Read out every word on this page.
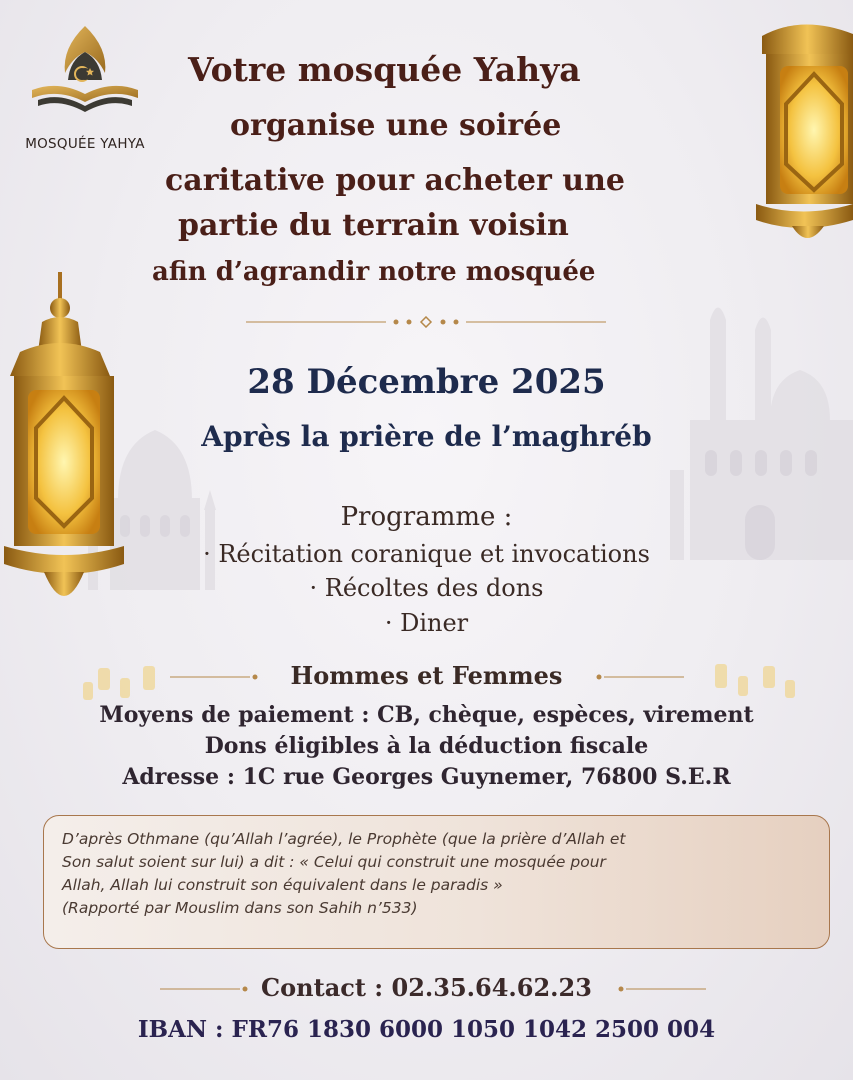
MOSQUÉE YAHYA
Votre mosquée Yahya
organise une soirée
caritative pour acheter une
partie du terrain voisin
afin d’agrandir notre mosquée
28 Décembre 2025
Après la prière de l’maghréb
Programme :
· Récitation coranique et invocations
· Récoltes des dons
· Diner
Hommes et Femmes
Moyens de paiement : CB, chèque, espèces, virement
Dons éligibles à la déduction fiscale
Adresse : 1C rue Georges Guynemer, 76800 S.E.R
D’après Othmane (qu’Allah l’agrée), le Prophète (que la prière d’Allah et
Son salut soient sur lui) a dit : « Celui qui construit une mosquée pour
Allah, Allah lui construit son équivalent dans le paradis »
(Rapporté par Mouslim dans son Sahih n’533)
Contact : 02.35.64.62.23
IBAN : FR76 1830 6000 1050 1042 2500 004
